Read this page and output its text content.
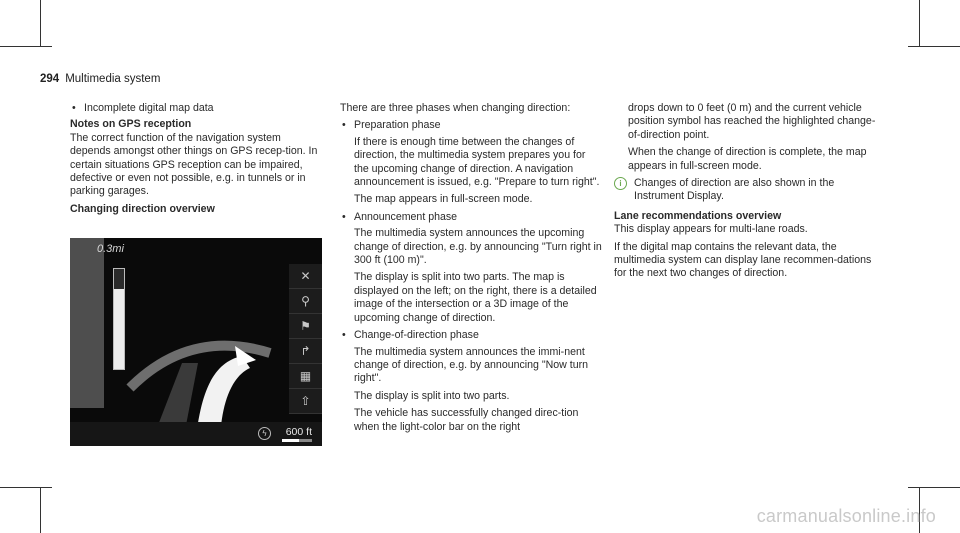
294 Multimedia system
• Incomplete digital map data

Notes on GPS reception

The correct function of the navigation system depends amongst other things on GPS recep-tion. In certain situations GPS reception can be impaired, defective or even not possible, e.g. in tunnels or in parking garages.

Changing direction overview

0.3mi
✕
⚲
⚑
↱
▦
⇧
ϟ	600 ft

There are three phases when changing direction:

• Preparation phase
If there is enough time between the changes of direction, the multimedia system prepares you for the upcoming change of direction. A navigation announcement is issued, e.g. "Prepare to turn right".
The map appears in full-screen mode.
• Announcement phase
The multimedia system announces the upcoming change of direction, e.g. by announcing "Turn right in 300 ft (100 m)".
The display is split into two parts. The map is displayed on the left; on the right, there is a detailed image of the intersection or a 3D image of the upcoming change of direction.
• Change-of-direction phase
The multimedia system announces the immi-nent change of direction, e.g. by announcing "Now turn right".
The display is split into two parts.
The vehicle has successfully changed direc-tion when the light-color bar on the right
drops down to 0 feet (0 m) and the current vehicle position symbol has reached the highlighted change-of-direction point.
When the change of direction is complete, the map appears in full-screen mode.
i	Changes of direction are also shown in the Instrument Display.

Lane recommendations overview

This display appears for multi-lane roads.

If the digital map contains the relevant data, the multimedia system can display lane recommen-dations for the next two changes of direction.

carmanualsonline.info
